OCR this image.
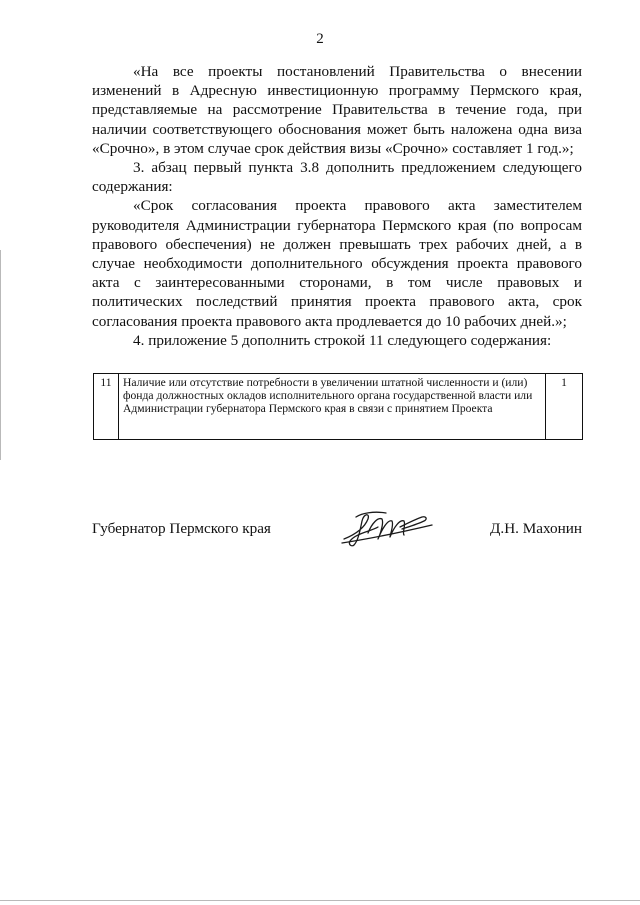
2

«На все проекты постановлений Правительства о внесении изменений в Адресную инвестиционную программу Пермского края, представляемые на рассмотрение Правительства в течение года, при наличии соответствующего обоснования может быть наложена одна виза «Срочно», в этом случае срок действия визы «Срочно» составляет 1 год.»;

3. абзац первый пункта 3.8 дополнить предложением следующего содержания:

«Срок согласования проекта правового акта заместителем

руководителя Администрации губернатора Пермского края (по вопросам правового обеспечения) не должен превышать трех рабочих дней, а в случае необходимости дополнительного обсуждения проекта правового акта с заинтересованными сторонами, в том числе правовых и политических последствий принятия проекта правового акта, срок согласования проекта правового акта продлевается до 10 рабочих дней.»;

4. приложение 5 дополнить строкой 11 следующего содержания:

11	Наличие или отсутствие потребности в увеличении штатной численности и (или) фонда должностных окладов исполнительного органа государственной власти или Администрации губернатора Пермского края в связи с принятием Проекта	1
Губернатор Пермского края	Д.Н. Махонин
